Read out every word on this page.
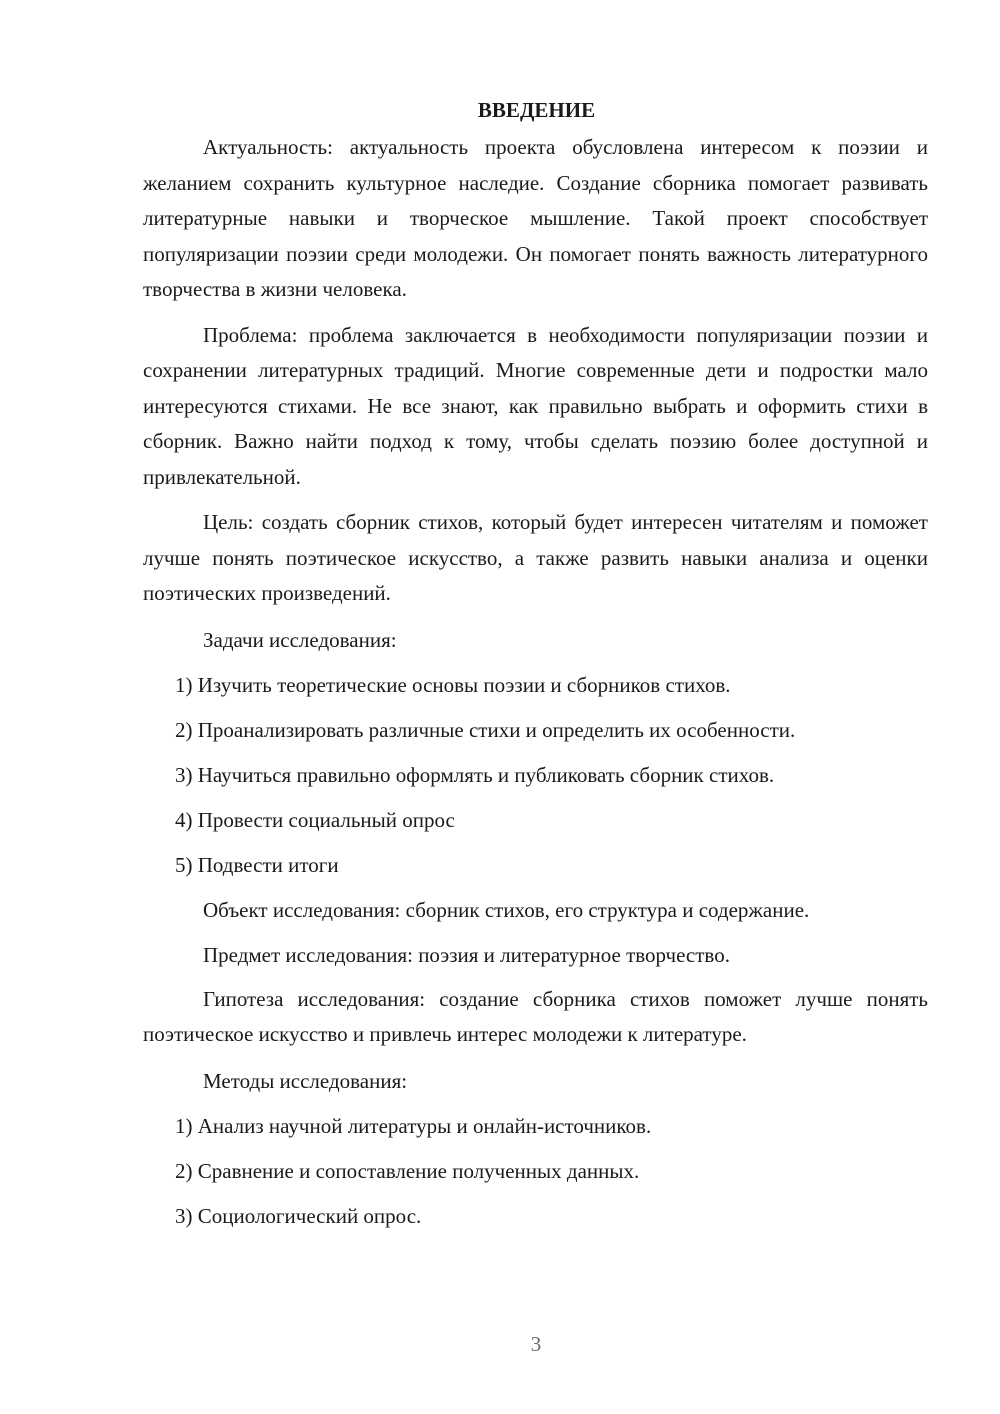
ВВЕДЕНИЕ

Актуальность: актуальность проекта обусловлена интересом к поэзии и желанием сохранить культурное наследие. Создание сборника помогает развивать литературные навыки и творческое мышление. Такой проект способствует популяризации поэзии среди молодежи. Он помогает понять важность литературного творчества в жизни человека.

Проблема: проблема заключается в необходимости популяризации поэзии и сохранении литературных традиций. Многие современные дети и подростки мало интересуются стихами. Не все знают, как правильно выбрать и оформить стихи в сборник. Важно найти подход к тому, чтобы сделать поэзию более доступной и привлекательной.

Цель: создать сборник стихов, который будет интересен читателям и поможет лучше понять поэтическое искусство, а также развить навыки анализа и оценки поэтических произведений.

Задачи исследования:
1) Изучить теоретические основы поэзии и сборников стихов.
2) Проанализировать различные стихи и определить их особенности.
3) Научиться правильно оформлять и публиковать сборник стихов.
4) Провести социальный опрос
5) Подвести итоги
Объект исследования: сборник стихов, его структура и содержание.
Предмет исследования: поэзия и литературное творчество.

Гипотеза исследования: создание сборника стихов поможет лучше понять поэтическое искусство и привлечь интерес молодежи к литературе.

Методы исследования:
1) Анализ научной литературы и онлайн-источников.
2) Сравнение и сопоставление полученных данных.
3) Социологический опрос.
3
